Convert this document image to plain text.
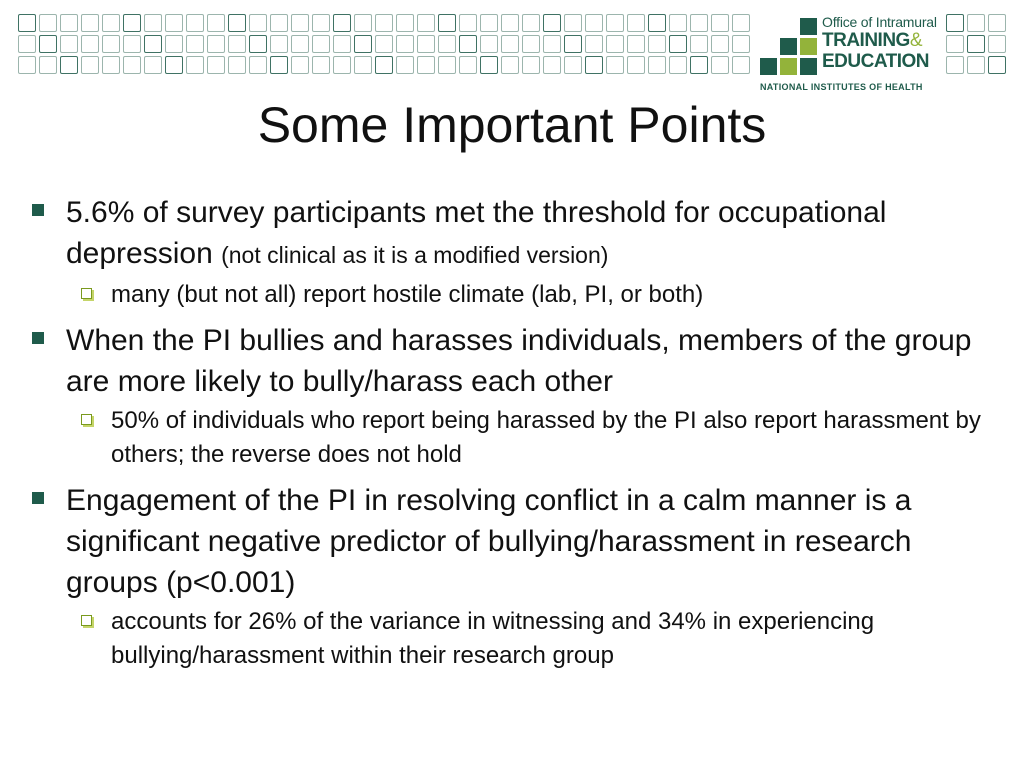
Office of Intramural
TRAINING&
EDUCATION
NATIONAL INSTITUTES OF HEALTH
Some Important Points
5.6% of survey participants met the threshold for occupational depression (not clinical as it is a modified version)
many (but not all) report hostile climate (lab, PI, or both)
When the PI bullies and harasses individuals, members of the group are more likely to bully/harass each other
50% of individuals who report being harassed by the PI also report harassment by others; the reverse does not hold
Engagement of the PI in resolving conflict in a calm manner is a significant negative predictor of bullying/harassment in research groups (p<0.001)
accounts for 26% of the variance in witnessing and 34% in experiencing bullying/harassment within their research group
